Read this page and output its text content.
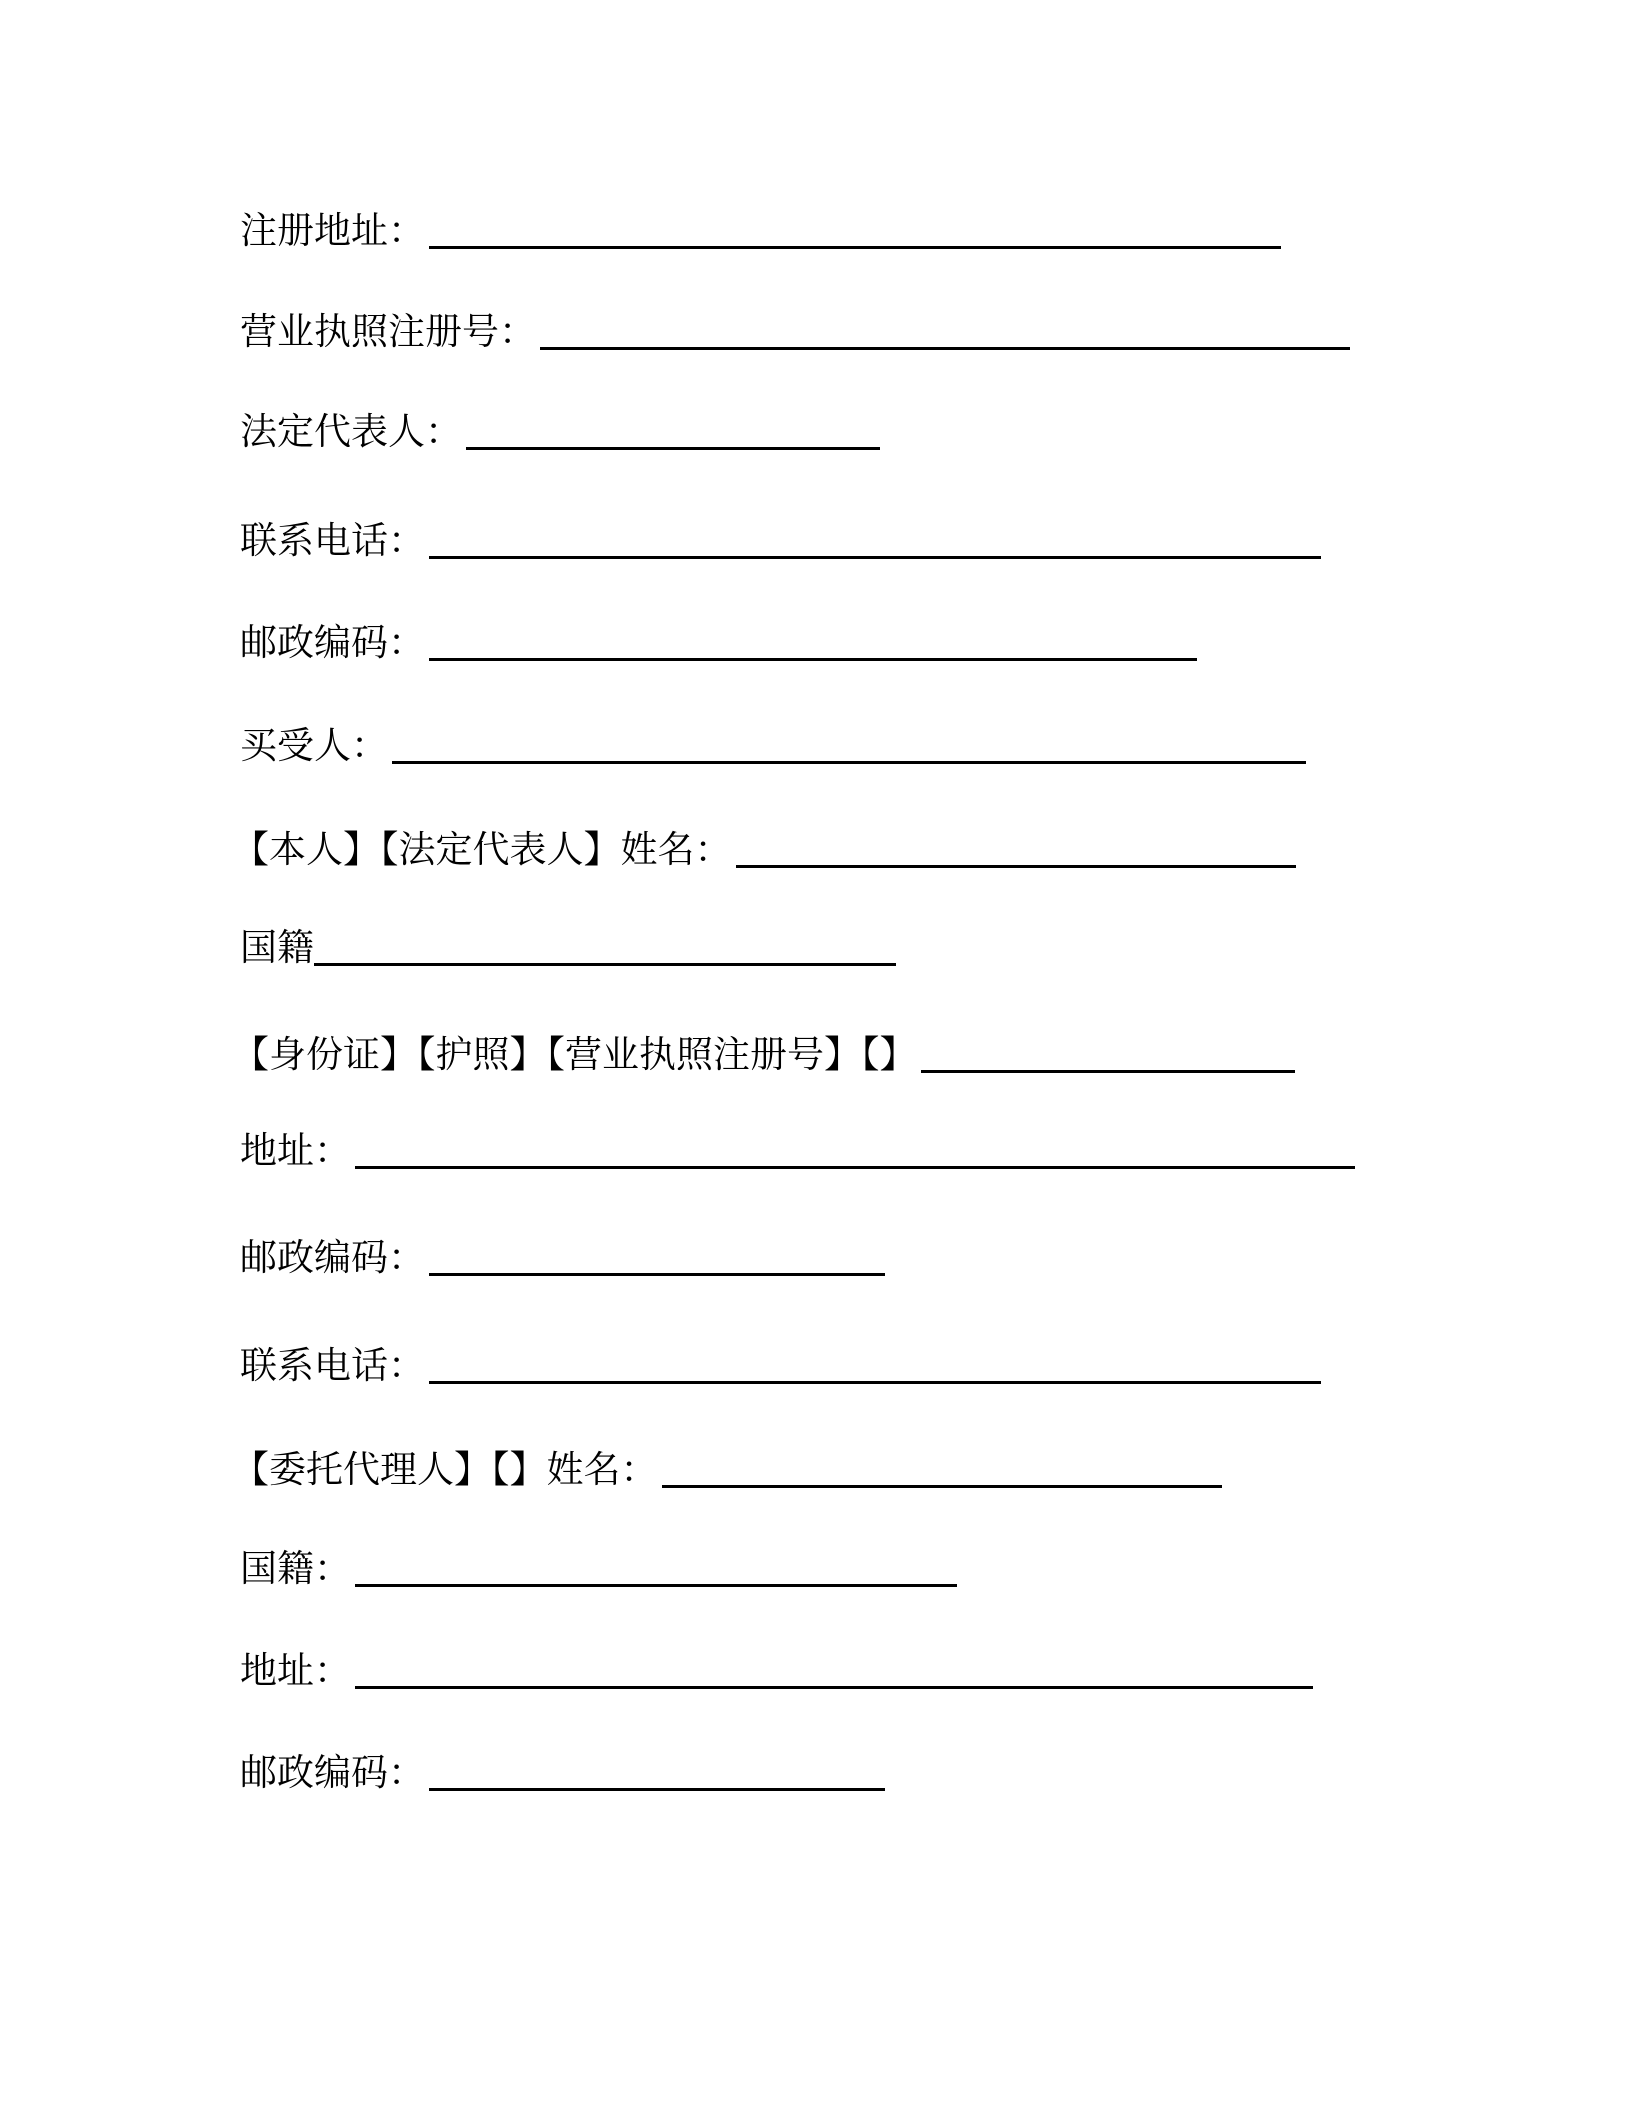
注册地址：
营业执照注册号：
法定代表人：
联系电话：
邮政编码：
买受人：
【本人】【法定代表人】姓名：
国籍
【身份证】【护照】【营业执照注册号】【】
地址：
邮政编码：
联系电话：
【委托代理人】【】姓名：
国籍：
地址：
邮政编码：
